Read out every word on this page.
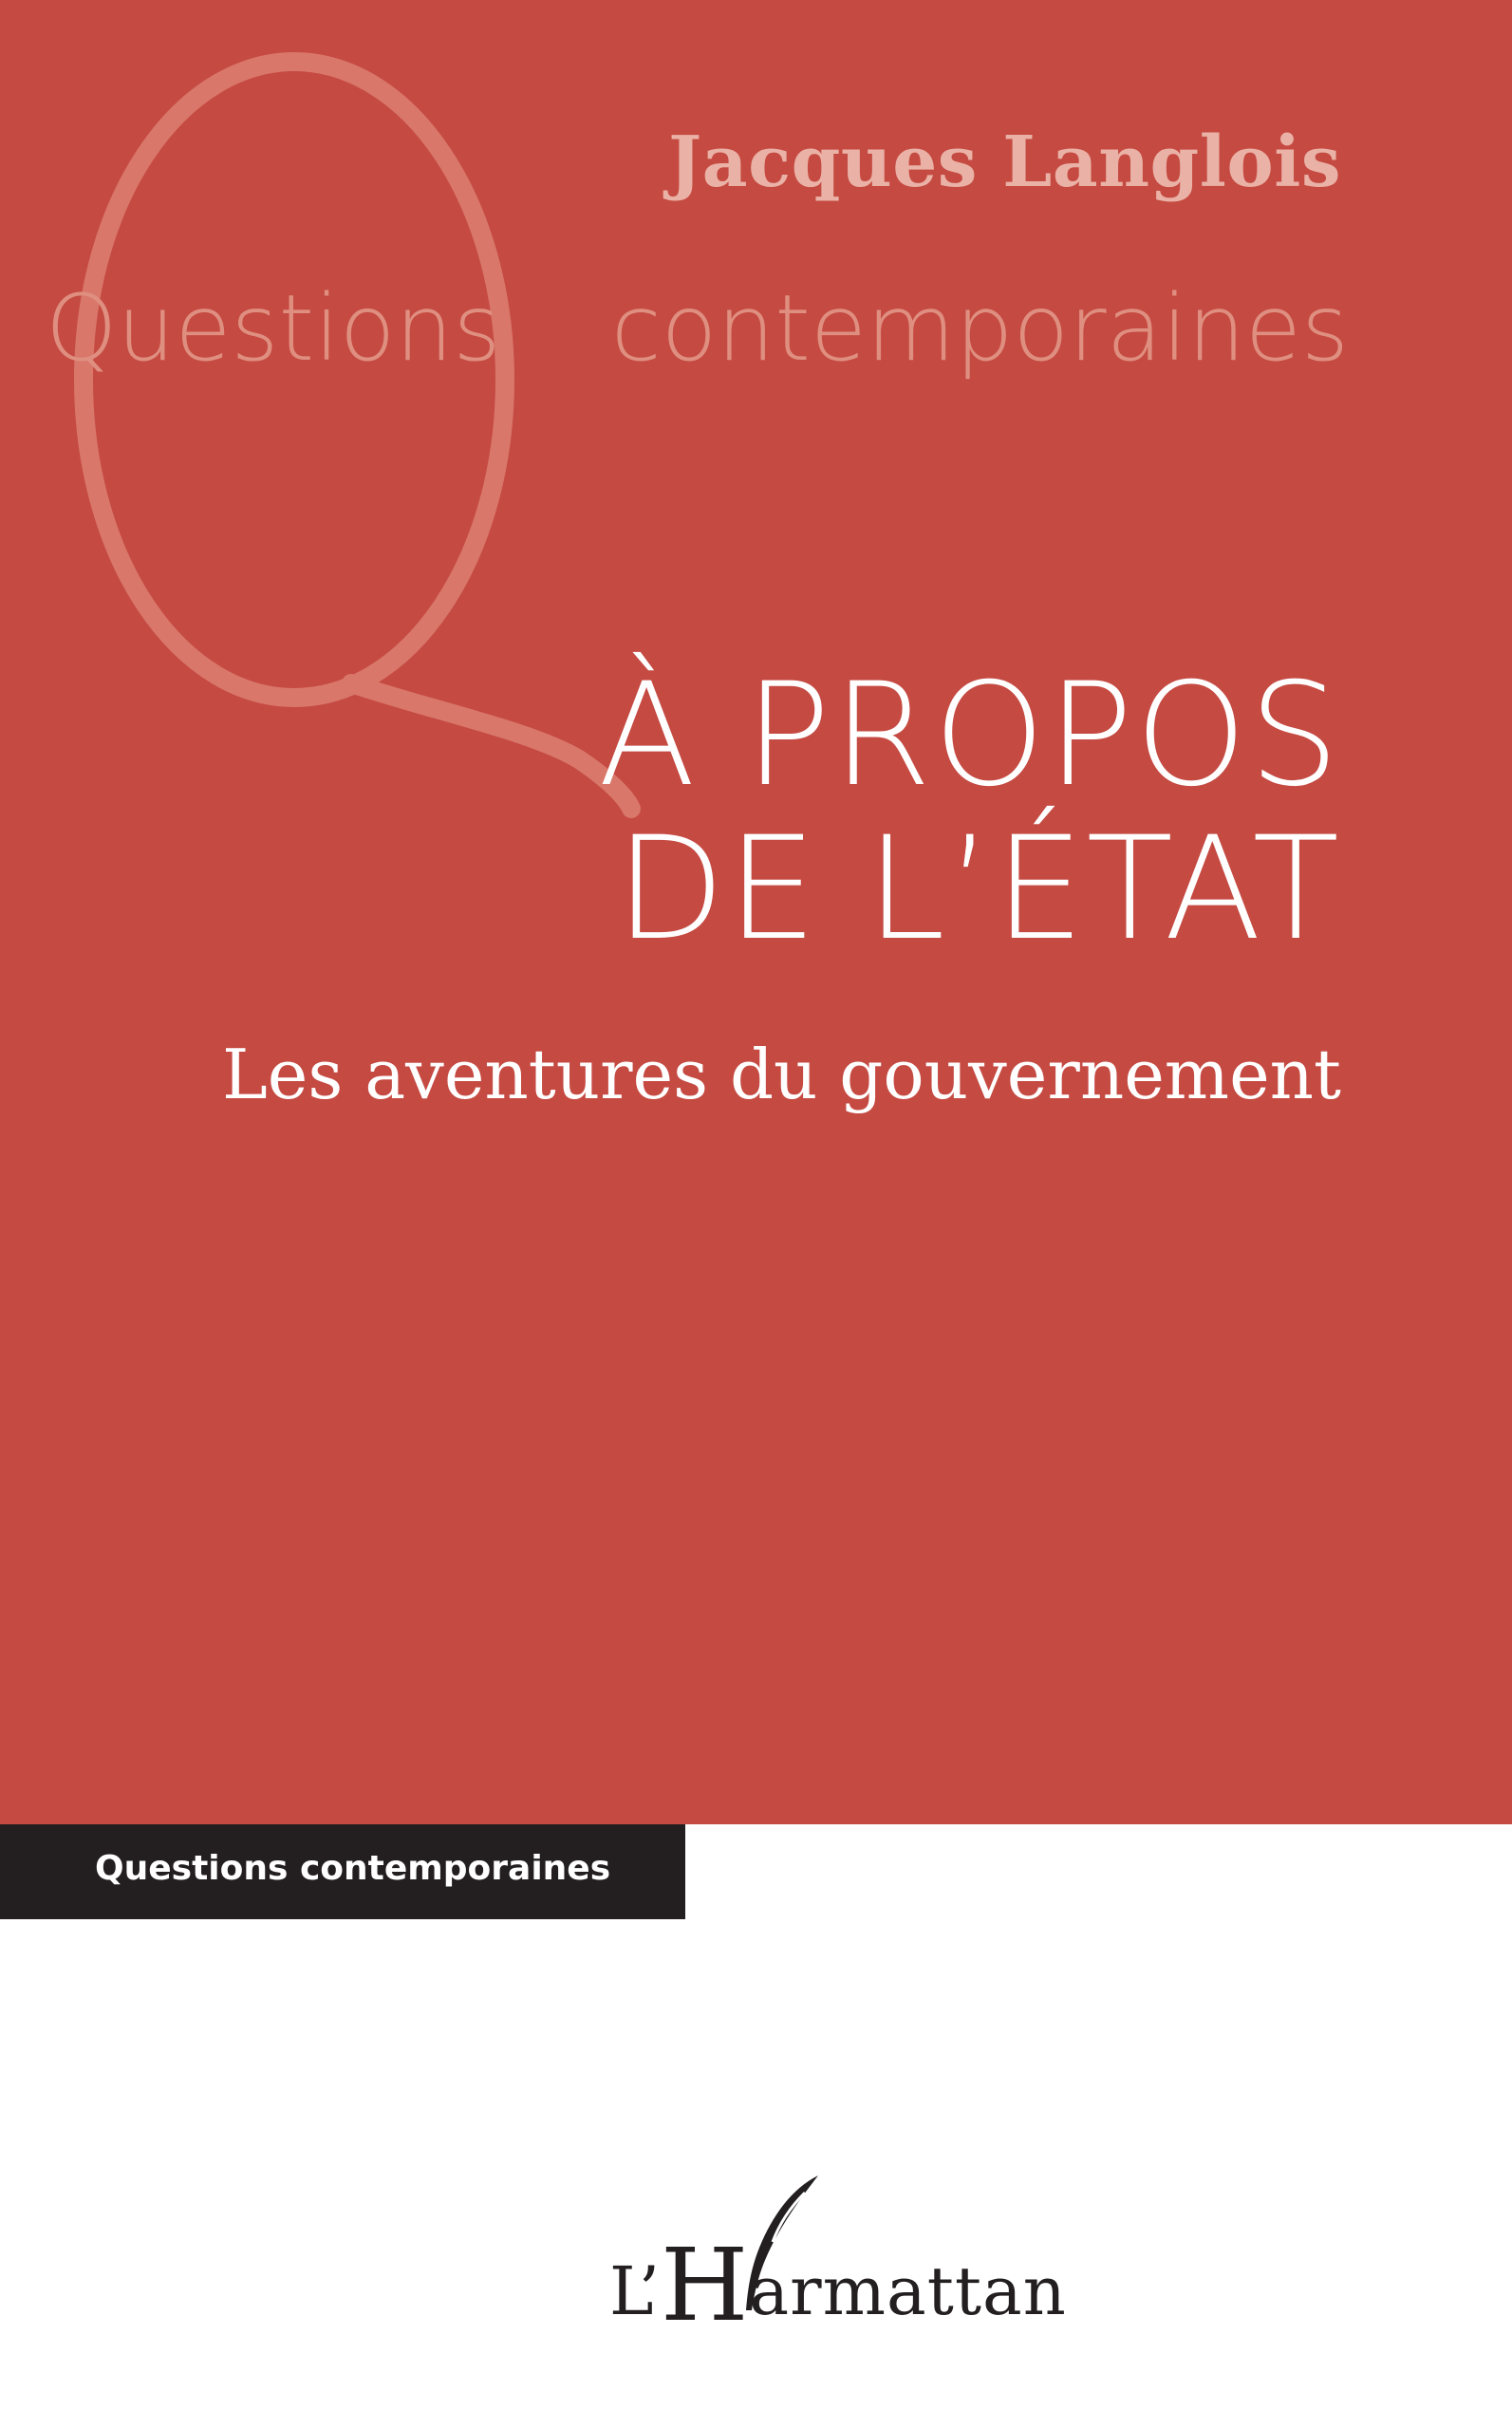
Jacques Langlois
Questions contemporaines
À PROPOS
DE L’ÉTAT
Les aventures du gouvernement
Questions contemporaines
L’Harmattan
